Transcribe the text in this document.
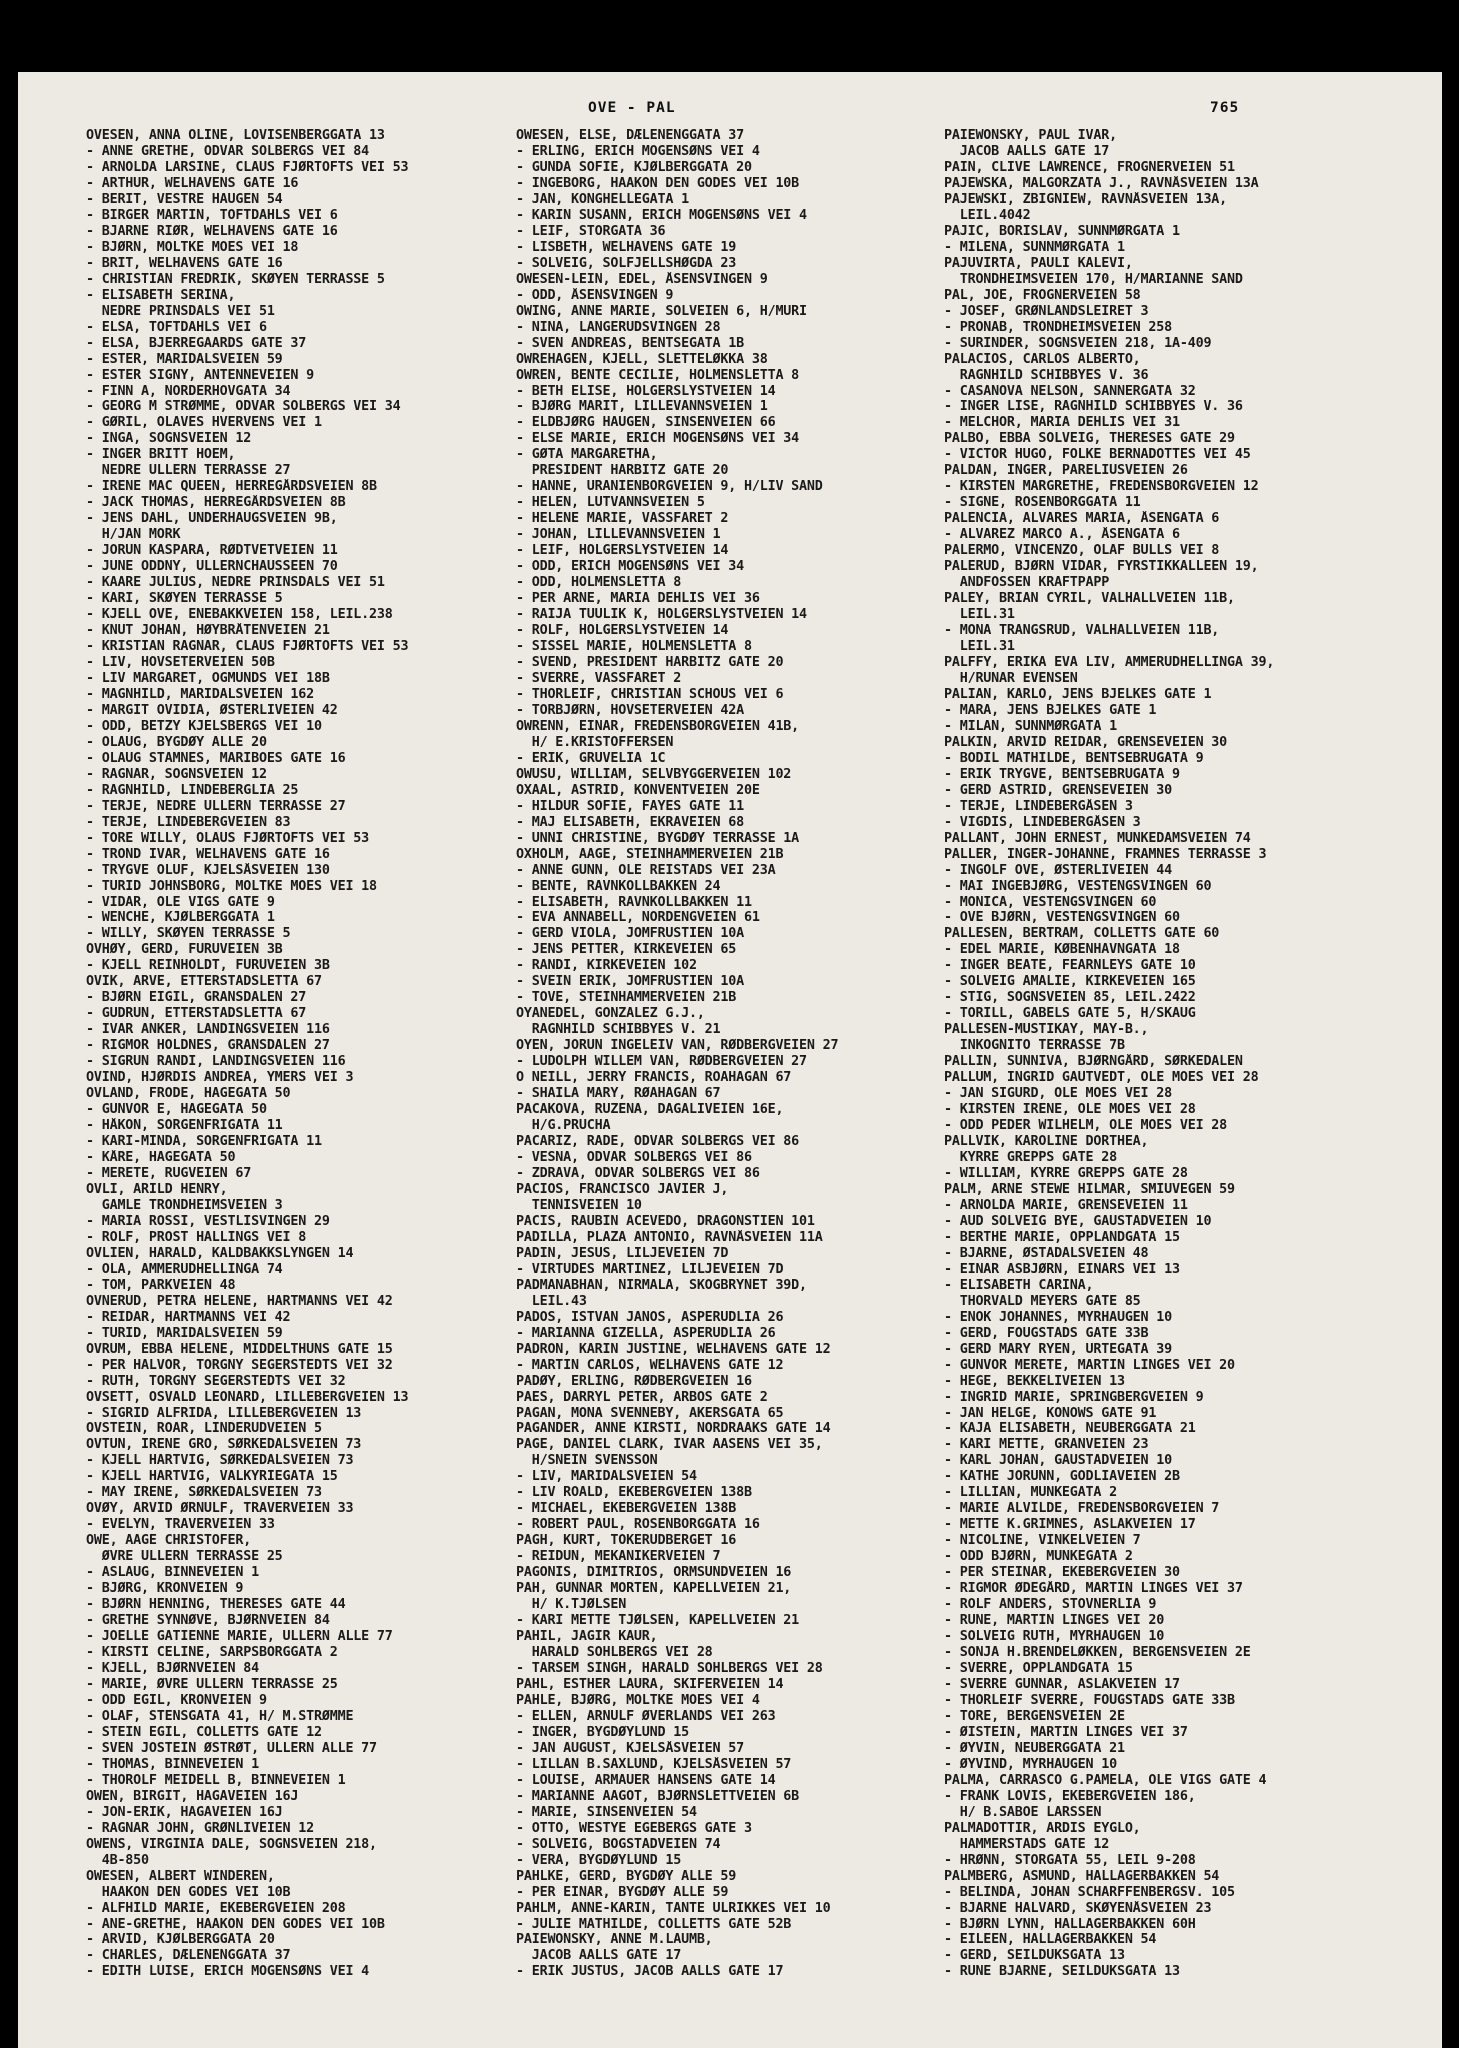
OVE - PAL	765
OVESEN, ANNA OLINE, LOVISENBERGGATA 13
- ANNE GRETHE, ODVAR SOLBERGS VEI 84
- ARNOLDA LARSINE, CLAUS FJØRTOFTS VEI 53
- ARTHUR, WELHAVENS GATE 16
- BERIT, VESTRE HAUGEN 54
- BIRGER MARTIN, TOFTDAHLS VEI 6
- BJARNE RIØR, WELHAVENS GATE 16
- BJØRN, MOLTKE MOES VEI 18
- BRIT, WELHAVENS GATE 16
- CHRISTIAN FREDRIK, SKØYEN TERRASSE 5
- ELISABETH SERINA,
NEDRE PRINSDALS VEI 51
- ELSA, TOFTDAHLS VEI 6
- ELSA, BJERREGAARDS GATE 37
- ESTER, MARIDALSVEIEN 59
- ESTER SIGNY, ANTENNEVEIEN 9
- FINN A, NORDERHOVGATA 34
- GEORG M STRØMME, ODVAR SOLBERGS VEI 34
- GØRIL, OLAVES HVERVENS VEI 1
- INGA, SOGNSVEIEN 12
- INGER BRITT HOEM,
NEDRE ULLERN TERRASSE 27
- IRENE MAC QUEEN, HERREGÅRDSVEIEN 8B
- JACK THOMAS, HERREGÅRDSVEIEN 8B
- JENS DAHL, UNDERHAUGSVEIEN 9B,
H/JAN MORK
- JORUN KASPARA, RØDTVETVEIEN 11
- JUNE ODDNY, ULLERNCHAUSSEEN 70
- KAARE JULIUS, NEDRE PRINSDALS VEI 51
- KARI, SKØYEN TERRASSE 5
- KJELL OVE, ENEBAKKVEIEN 158, LEIL.238
- KNUT JOHAN, HØYBRÅTENVEIEN 21
- KRISTIAN RAGNAR, CLAUS FJØRTOFTS VEI 53
- LIV, HOVSETERVEIEN 50B
- LIV MARGARET, OGMUNDS VEI 18B
- MAGNHILD, MARIDALSVEIEN 162
- MARGIT OVIDIA, ØSTERLIVEIEN 42
- ODD, BETZY KJELSBERGS VEI 10
- OLAUG, BYGDØY ALLE 20
- OLAUG STAMNES, MARIBOES GATE 16
- RAGNAR, SOGNSVEIEN 12
- RAGNHILD, LINDEBERGLIA 25
- TERJE, NEDRE ULLERN TERRASSE 27
- TERJE, LINDEBERGVEIEN 83
- TORE WILLY, OLAUS FJØRTOFTS VEI 53
- TROND IVAR, WELHAVENS GATE 16
- TRYGVE OLUF, KJELSÅSVEIEN 130
- TURID JOHNSBORG, MOLTKE MOES VEI 18
- VIDAR, OLE VIGS GATE 9
- WENCHE, KJØLBERGGATA 1
- WILLY, SKØYEN TERRASSE 5
OVHØY, GERD, FURUVEIEN 3B
- KJELL REINHOLDT, FURUVEIEN 3B
OVIK, ARVE, ETTERSTADSLETTA 67
- BJØRN EIGIL, GRANSDALEN 27
- GUDRUN, ETTERSTADSLETTA 67
- IVAR ANKER, LANDINGSVEIEN 116
- RIGMOR HOLDNES, GRANSDALEN 27
- SIGRUN RANDI, LANDINGSVEIEN 116
OVIND, HJØRDIS ANDREA, YMERS VEI 3
OVLAND, FRODE, HAGEGATA 50
- GUNVOR E, HAGEGATA 50
- HÅKON, SORGENFRIGATA 11
- KARI-MINDA, SORGENFRIGATA 11
- KÅRE, HAGEGATA 50
- MERETE, RUGVEIEN 67
OVLI, ARILD HENRY,
GAMLE TRONDHEIMSVEIEN 3
- MARIA ROSSI, VESTLISVINGEN 29
- ROLF, PROST HALLINGS VEI 8
OVLIEN, HARALD, KALDBAKKSLYNGEN 14
- OLA, AMMERUDHELLINGA 74
- TOM, PARKVEIEN 48
OVNERUD, PETRA HELENE, HARTMANNS VEI 42
- REIDAR, HARTMANNS VEI 42
- TURID, MARIDALSVEIEN 59
OVRUM, EBBA HELENE, MIDDELTHUNS GATE 15
- PER HALVOR, TORGNY SEGERSTEDTS VEI 32
- RUTH, TORGNY SEGERSTEDTS VEI 32
OVSETT, OSVALD LEONARD, LILLEBERGVEIEN 13
- SIGRID ALFRIDA, LILLEBERGVEIEN 13
OVSTEIN, ROAR, LINDERUDVEIEN 5
OVTUN, IRENE GRO, SØRKEDALSVEIEN 73
- KJELL HARTVIG, SØRKEDALSVEIEN 73
- KJELL HARTVIG, VALKYRIEGATA 15
- MAY IRENE, SØRKEDALSVEIEN 73
OVØY, ARVID ØRNULF, TRAVERVEIEN 33
- EVELYN, TRAVERVEIEN 33
OWE, AAGE CHRISTOFER,
ØVRE ULLERN TERRASSE 25
- ASLAUG, BINNEVEIEN 1
- BJØRG, KRONVEIEN 9
- BJØRN HENNING, THERESES GATE 44
- GRETHE SYNNØVE, BJØRNVEIEN 84
- JOELLE GATIENNE MARIE, ULLERN ALLE 77
- KIRSTI CELINE, SARPSBORGGATA 2
- KJELL, BJØRNVEIEN 84
- MARIE, ØVRE ULLERN TERRASSE 25
- ODD EGIL, KRONVEIEN 9
- OLAF, STENSGATA 41, H/ M.STRØMME
- STEIN EGIL, COLLETTS GATE 12
- SVEN JOSTEIN ØSTRØT, ULLERN ALLE 77
- THOMAS, BINNEVEIEN 1
- THOROLF MEIDELL B, BINNEVEIEN 1
OWEN, BIRGIT, HAGAVEIEN 16J
- JON-ERIK, HAGAVEIEN 16J
- RAGNAR JOHN, GRØNLIVEIEN 12
OWENS, VIRGINIA DALE, SOGNSVEIEN 218,
4B-850
OWESEN, ALBERT WINDEREN,
HAAKON DEN GODES VEI 10B
- ALFHILD MARIE, EKEBERGVEIEN 208
- ANE-GRETHE, HAAKON DEN GODES VEI 10B
- ARVID, KJØLBERGGATA 20
- CHARLES, DÆLENENGGATA 37
- EDITH LUISE, ERICH MOGENSØNS VEI 4
OWESEN, ELSE, DÆLENENGGATA 37
- ERLING, ERICH MOGENSØNS VEI 4
- GUNDA SOFIE, KJØLBERGGATA 20
- INGEBORG, HAAKON DEN GODES VEI 10B
- JAN, KONGHELLEGATA 1
- KARIN SUSANN, ERICH MOGENSØNS VEI 4
- LEIF, STORGATA 36
- LISBETH, WELHAVENS GATE 19
- SOLVEIG, SOLFJELLSHØGDA 23
OWESEN-LEIN, EDEL, ÅSENSVINGEN 9
- ODD, ÅSENSVINGEN 9
OWING, ANNE MARIE, SOLVEIEN 6, H/MURI
- NINA, LANGERUDSVINGEN 28
- SVEN ANDREAS, BENTSEGATA 1B
OWREHAGEN, KJELL, SLETTELØKKA 38
OWREN, BENTE CECILIE, HOLMENSLETTA 8
- BETH ELISE, HOLGERSLYSTVEIEN 14
- BJØRG MARIT, LILLEVANNSVEIEN 1
- ELDBJØRG HAUGEN, SINSENVEIEN 66
- ELSE MARIE, ERICH MOGENSØNS VEI 34
- GØTA MARGARETHA,
PRESIDENT HARBITZ GATE 20
- HANNE, URANIENBORGVEIEN 9, H/LIV SAND
- HELEN, LUTVANNSVEIEN 5
- HELENE MARIE, VASSFARET 2
- JOHAN, LILLEVANNSVEIEN 1
- LEIF, HOLGERSLYSTVEIEN 14
- ODD, ERICH MOGENSØNS VEI 34
- ODD, HOLMENSLETTA 8
- PER ARNE, MARIA DEHLIS VEI 36
- RAIJA TUULIK K, HOLGERSLYSTVEIEN 14
- ROLF, HOLGERSLYSTVEIEN 14
- SISSEL MARIE, HOLMENSLETTA 8
- SVEND, PRESIDENT HARBITZ GATE 20
- SVERRE, VASSFARET 2
- THORLEIF, CHRISTIAN SCHOUS VEI 6
- TORBJØRN, HOVSETERVEIEN 42A
OWRENN, EINAR, FREDENSBORGVEIEN 41B,
H/ E.KRISTOFFERSEN
- ERIK, GRUVELIA 1C
OWUSU, WILLIAM, SELVBYGGERVEIEN 102
OXAAL, ASTRID, KONVENTVEIEN 20E
- HILDUR SOFIE, FAYES GATE 11
- MAJ ELISABETH, EKRAVEIEN 68
- UNNI CHRISTINE, BYGDØY TERRASSE 1A
OXHOLM, AAGE, STEINHAMMERVEIEN 21B
- ANNE GUNN, OLE REISTADS VEI 23A
- BENTE, RAVNKOLLBAKKEN 24
- ELISABETH, RAVNKOLLBAKKEN 11
- EVA ANNABELL, NORDENGVEIEN 61
- GERD VIOLA, JOMFRUSTIEN 10A
- JENS PETTER, KIRKEVEIEN 65
- RANDI, KIRKEVEIEN 102
- SVEIN ERIK, JOMFRUSTIEN 10A
- TOVE, STEINHAMMERVEIEN 21B
OYANEDEL, GONZALEZ G.J.,
RAGNHILD SCHIBBYES V. 21
OYEN, JORUN INGELEIV VAN, RØDBERGVEIEN 27
- LUDOLPH WILLEM VAN, RØDBERGVEIEN 27
O NEILL, JERRY FRANCIS, ROAHAGAN 67
- SHAILA MARY, RØAHAGAN 67
PACAKOVA, RUZENA, DAGALIVEIEN 16E,
H/G.PRUCHA
PACARIZ, RADE, ODVAR SOLBERGS VEI 86
- VESNA, ODVAR SOLBERGS VEI 86
- ZDRAVA, ODVAR SOLBERGS VEI 86
PACIOS, FRANCISCO JAVIER J,
TENNISVEIEN 10
PACIS, RAUBIN ACEVEDO, DRAGONSTIEN 101
PADILLA, PLAZA ANTONIO, RAVNÅSVEIEN 11A
PADIN, JESUS, LILJEVEIEN 7D
- VIRTUDES MARTINEZ, LILJEVEIEN 7D
PADMANABHAN, NIRMALA, SKOGBRYNET 39D,
LEIL.43
PADOS, ISTVAN JANOS, ASPERUDLIA 26
- MARIANNA GIZELLA, ASPERUDLIA 26
PADRON, KARIN JUSTINE, WELHAVENS GATE 12
- MARTIN CARLOS, WELHAVENS GATE 12
PADØY, ERLING, RØDBERGVEIEN 16
PAES, DARRYL PETER, ARBOS GATE 2
PAGAN, MONA SVENNEBY, AKERSGATA 65
PAGANDER, ANNE KIRSTI, NORDRAAKS GATE 14
PAGE, DANIEL CLARK, IVAR AASENS VEI 35,
H/SNEIN SVENSSON
- LIV, MARIDALSVEIEN 54
- LIV ROALD, EKEBERGVEIEN 138B
- MICHAEL, EKEBERGVEIEN 138B
- ROBERT PAUL, ROSENBORGGATA 16
PAGH, KURT, TOKERUDBERGET 16
- REIDUN, MEKANIKERVEIEN 7
PAGONIS, DIMITRIOS, ORMSUNDVEIEN 16
PAH, GUNNAR MORTEN, KAPELLVEIEN 21,
H/ K.TJØLSEN
- KARI METTE TJØLSEN, KAPELLVEIEN 21
PAHIL, JAGIR KAUR,
HARALD SOHLBERGS VEI 28
- TARSEM SINGH, HARALD SOHLBERGS VEI 28
PAHL, ESTHER LAURA, SKIFERVEIEN 14
PAHLE, BJØRG, MOLTKE MOES VEI 4
- ELLEN, ARNULF ØVERLANDS VEI 263
- INGER, BYGDØYLUND 15
- JAN AUGUST, KJELSÅSVEIEN 57
- LILLAN B.SAXLUND, KJELSÅSVEIEN 57
- LOUISE, ARMAUER HANSENS GATE 14
- MARIANNE AAGOT, BJØRNSLETTVEIEN 6B
- MARIE, SINSENVEIEN 54
- OTTO, WESTYE EGEBERGS GATE 3
- SOLVEIG, BOGSTADVEIEN 74
- VERA, BYGDØYLUND 15
PAHLKE, GERD, BYGDØY ALLE 59
- PER EINAR, BYGDØY ALLE 59
PAHLM, ANNE-KARIN, TANTE ULRIKKES VEI 10
- JULIE MATHILDE, COLLETTS GATE 52B
PAIEWONSKY, ANNE M.LAUMB,
JACOB AALLS GATE 17
- ERIK JUSTUS, JACOB AALLS GATE 17
PAIEWONSKY, PAUL IVAR,
JACOB AALLS GATE 17
PAIN, CLIVE LAWRENCE, FROGNERVEIEN 51
PAJEWSKA, MALGORZATA J., RAVNÅSVEIEN 13A
PAJEWSKI, ZBIGNIEW, RAVNÅSVEIEN 13A,
LEIL.4042
PAJIC, BORISLAV, SUNNMØRGATA 1
- MILENA, SUNNMØRGATA 1
PAJUVIRTA, PAULI KALEVI,
TRONDHEIMSVEIEN 170, H/MARIANNE SAND
PAL, JOE, FROGNERVEIEN 58
- JOSEF, GRØNLANDSLEIRET 3
- PRONAB, TRONDHEIMSVEIEN 258
- SURINDER, SOGNSVEIEN 218, 1A-409
PALACIOS, CARLOS ALBERTO,
RAGNHILD SCHIBBYES V. 36
- CASANOVA NELSON, SANNERGATA 32
- INGER LISE, RAGNHILD SCHIBBYES V. 36
- MELCHOR, MARIA DEHLIS VEI 31
PALBO, EBBA SOLVEIG, THERESES GATE 29
- VICTOR HUGO, FOLKE BERNADOTTES VEI 45
PALDAN, INGER, PARELIUSVEIEN 26
- KIRSTEN MARGRETHE, FREDENSBORGVEIEN 12
- SIGNE, ROSENBORGGATA 11
PALENCIA, ALVARES MARIA, ÅSENGATA 6
- ALVAREZ MARCO A., ÅSENGATA 6
PALERMO, VINCENZO, OLAF BULLS VEI 8
PALERUD, BJØRN VIDAR, FYRSTIKKALLEEN 19,
ANDFOSSEN KRAFTPAPP
PALEY, BRIAN CYRIL, VALHALLVEIEN 11B,
LEIL.31
- MONA TRANGSRUD, VALHALLVEIEN 11B,
LEIL.31
PALFFY, ERIKA EVA LIV, AMMERUDHELLINGA 39,
H/RUNAR EVENSEN
PALIAN, KARLO, JENS BJELKES GATE 1
- MARA, JENS BJELKES GATE 1
- MILAN, SUNNMØRGATA 1
PALKIN, ARVID REIDAR, GRENSEVEIEN 30
- BODIL MATHILDE, BENTSEBRUGATA 9
- ERIK TRYGVE, BENTSEBRUGATA 9
- GERD ASTRID, GRENSEVEIEN 30
- TERJE, LINDEBERGÅSEN 3
- VIGDIS, LINDEBERGÅSEN 3
PALLANT, JOHN ERNEST, MUNKEDAMSVEIEN 74
PALLER, INGER-JOHANNE, FRAMNES TERRASSE 3
- INGOLF OVE, ØSTERLIVEIEN 44
- MAI INGEBJØRG, VESTENGSVINGEN 60
- MONICA, VESTENGSVINGEN 60
- OVE BJØRN, VESTENGSVINGEN 60
PALLESEN, BERTRAM, COLLETTS GATE 60
- EDEL MARIE, KØBENHAVNGATA 18
- INGER BEATE, FEARNLEYS GATE 10
- SOLVEIG AMALIE, KIRKEVEIEN 165
- STIG, SOGNSVEIEN 85, LEIL.2422
- TORILL, GABELS GATE 5, H/SKAUG
PALLESEN-MUSTIKAY, MAY-B.,
INKOGNITO TERRASSE 7B
PALLIN, SUNNIVA, BJØRNGÅRD, SØRKEDALEN
PALLUM, INGRID GAUTVEDT, OLE MOES VEI 28
- JAN SIGURD, OLE MOES VEI 28
- KIRSTEN IRENE, OLE MOES VEI 28
- ODD PEDER WILHELM, OLE MOES VEI 28
PALLVIK, KAROLINE DORTHEA,
KYRRE GREPPS GATE 28
- WILLIAM, KYRRE GREPPS GATE 28
PALM, ARNE STEWE HILMAR, SMIUVEGEN 59
- ARNOLDA MARIE, GRENSEVEIEN 11
- AUD SOLVEIG BYE, GAUSTADVEIEN 10
- BERTHE MARIE, OPPLANDGATA 15
- BJARNE, ØSTADALSVEIEN 48
- EINAR ASBJØRN, EINARS VEI 13
- ELISABETH CARINA,
THORVALD MEYERS GATE 85
- ENOK JOHANNES, MYRHAUGEN 10
- GERD, FOUGSTADS GATE 33B
- GERD MARY RYEN, URTEGATA 39
- GUNVOR MERETE, MARTIN LINGES VEI 20
- HEGE, BEKKELIVEIEN 13
- INGRID MARIE, SPRINGBERGVEIEN 9
- JAN HELGE, KONOWS GATE 91
- KAJA ELISABETH, NEUBERGGATA 21
- KARI METTE, GRANVEIEN 23
- KARL JOHAN, GAUSTADVEIEN 10
- KATHE JORUNN, GODLIAVEIEN 2B
- LILLIAN, MUNKEGATA 2
- MARIE ALVILDE, FREDENSBORGVEIEN 7
- METTE K.GRIMNES, ASLAKVEIEN 17
- NICOLINE, VINKELVEIEN 7
- ODD BJØRN, MUNKEGATA 2
- PER STEINAR, EKEBERGVEIEN 30
- RIGMOR ØDEGÅRD, MARTIN LINGES VEI 37
- ROLF ANDERS, STOVNERLIA 9
- RUNE, MARTIN LINGES VEI 20
- SOLVEIG RUTH, MYRHAUGEN 10
- SONJA H.BRENDELØKKEN, BERGENSVEIEN 2E
- SVERRE, OPPLANDGATA 15
- SVERRE GUNNAR, ASLAKVEIEN 17
- THORLEIF SVERRE, FOUGSTADS GATE 33B
- TORE, BERGENSVEIEN 2E
- ØISTEIN, MARTIN LINGES VEI 37
- ØYVIN, NEUBERGGATA 21
- ØYVIND, MYRHAUGEN 10
PALMA, CARRASCO G.PAMELA, OLE VIGS GATE 4
- FRANK LOVIS, EKEBERGVEIEN 186,
H/ B.SABOE LARSSEN
PALMADOTTIR, ARDIS EYGLO,
HAMMERSTADS GATE 12
- HRØNN, STORGATA 55, LEIL 9-208
PALMBERG, ASMUND, HALLAGERBAKKEN 54
- BELINDA, JOHAN SCHARFFENBERGSV. 105
- BJARNE HALVARD, SKØYENÅSVEIEN 23
- BJØRN LYNN, HALLAGERBAKKEN 60H
- EILEEN, HALLAGERBAKKEN 54
- GERD, SEILDUKSGATA 13
- RUNE BJARNE, SEILDUKSGATA 13
